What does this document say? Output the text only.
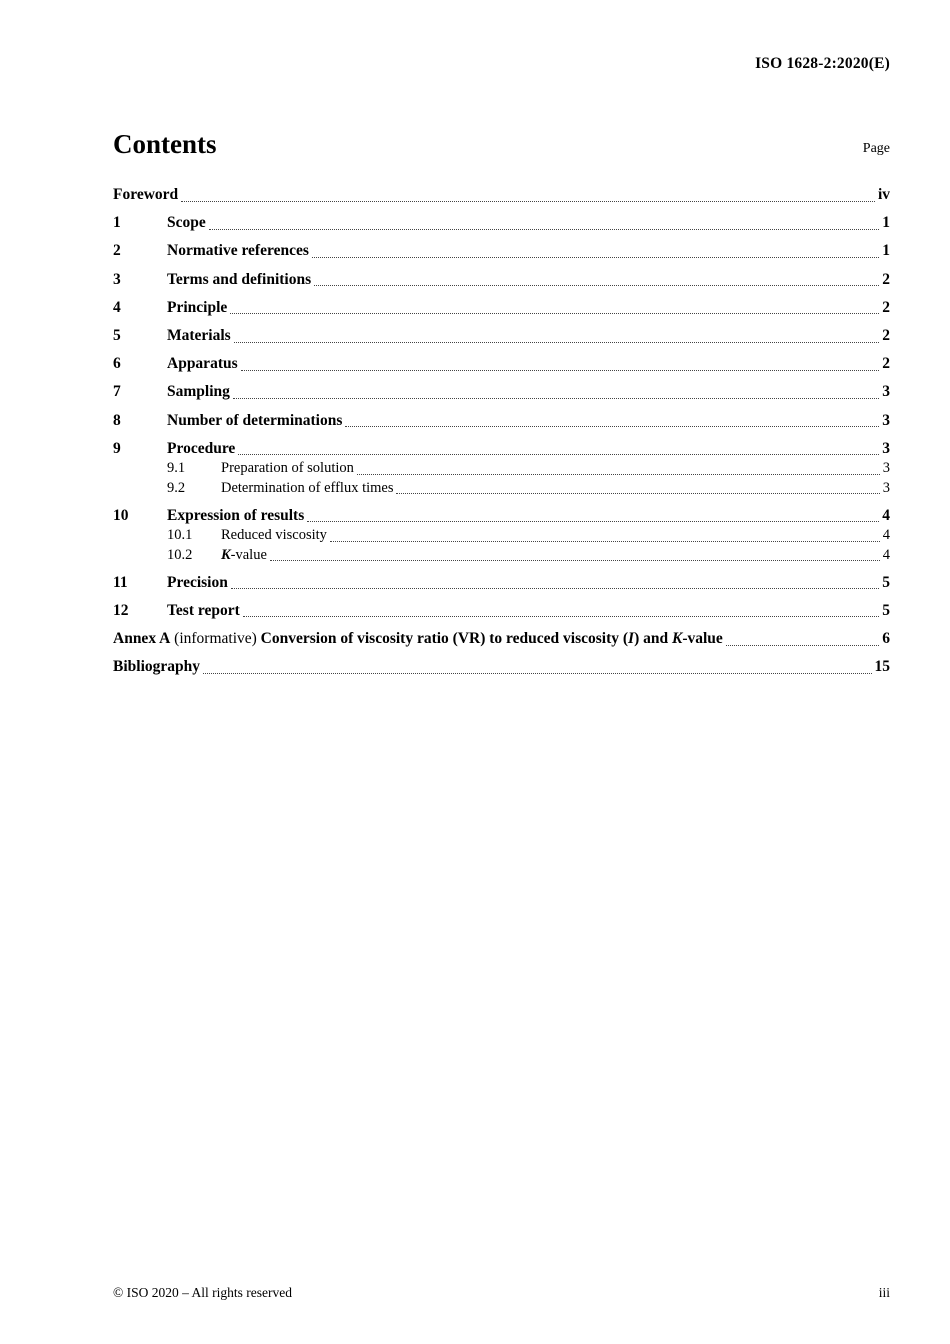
ISO 1628-2:2020(E)
Contents	Page
Foreword	iv
1	Scope	1
2	Normative references	1
3	Terms and definitions	2
4	Principle	2
5	Materials	2
6	Apparatus	2
7	Sampling	3
8	Number of determinations	3
9	Procedure	3
9.1	Preparation of solution	3
9.2	Determination of efflux times	3
10	Expression of results	4
10.1	Reduced viscosity	4
10.2	K-value	4
11	Precision	5
12	Test report	5
Annex A (informative) Conversion of viscosity ratio (VR) to reduced viscosity (I) and K-value	6
Bibliography	15
© ISO 2020 – All rights reserved	iii
